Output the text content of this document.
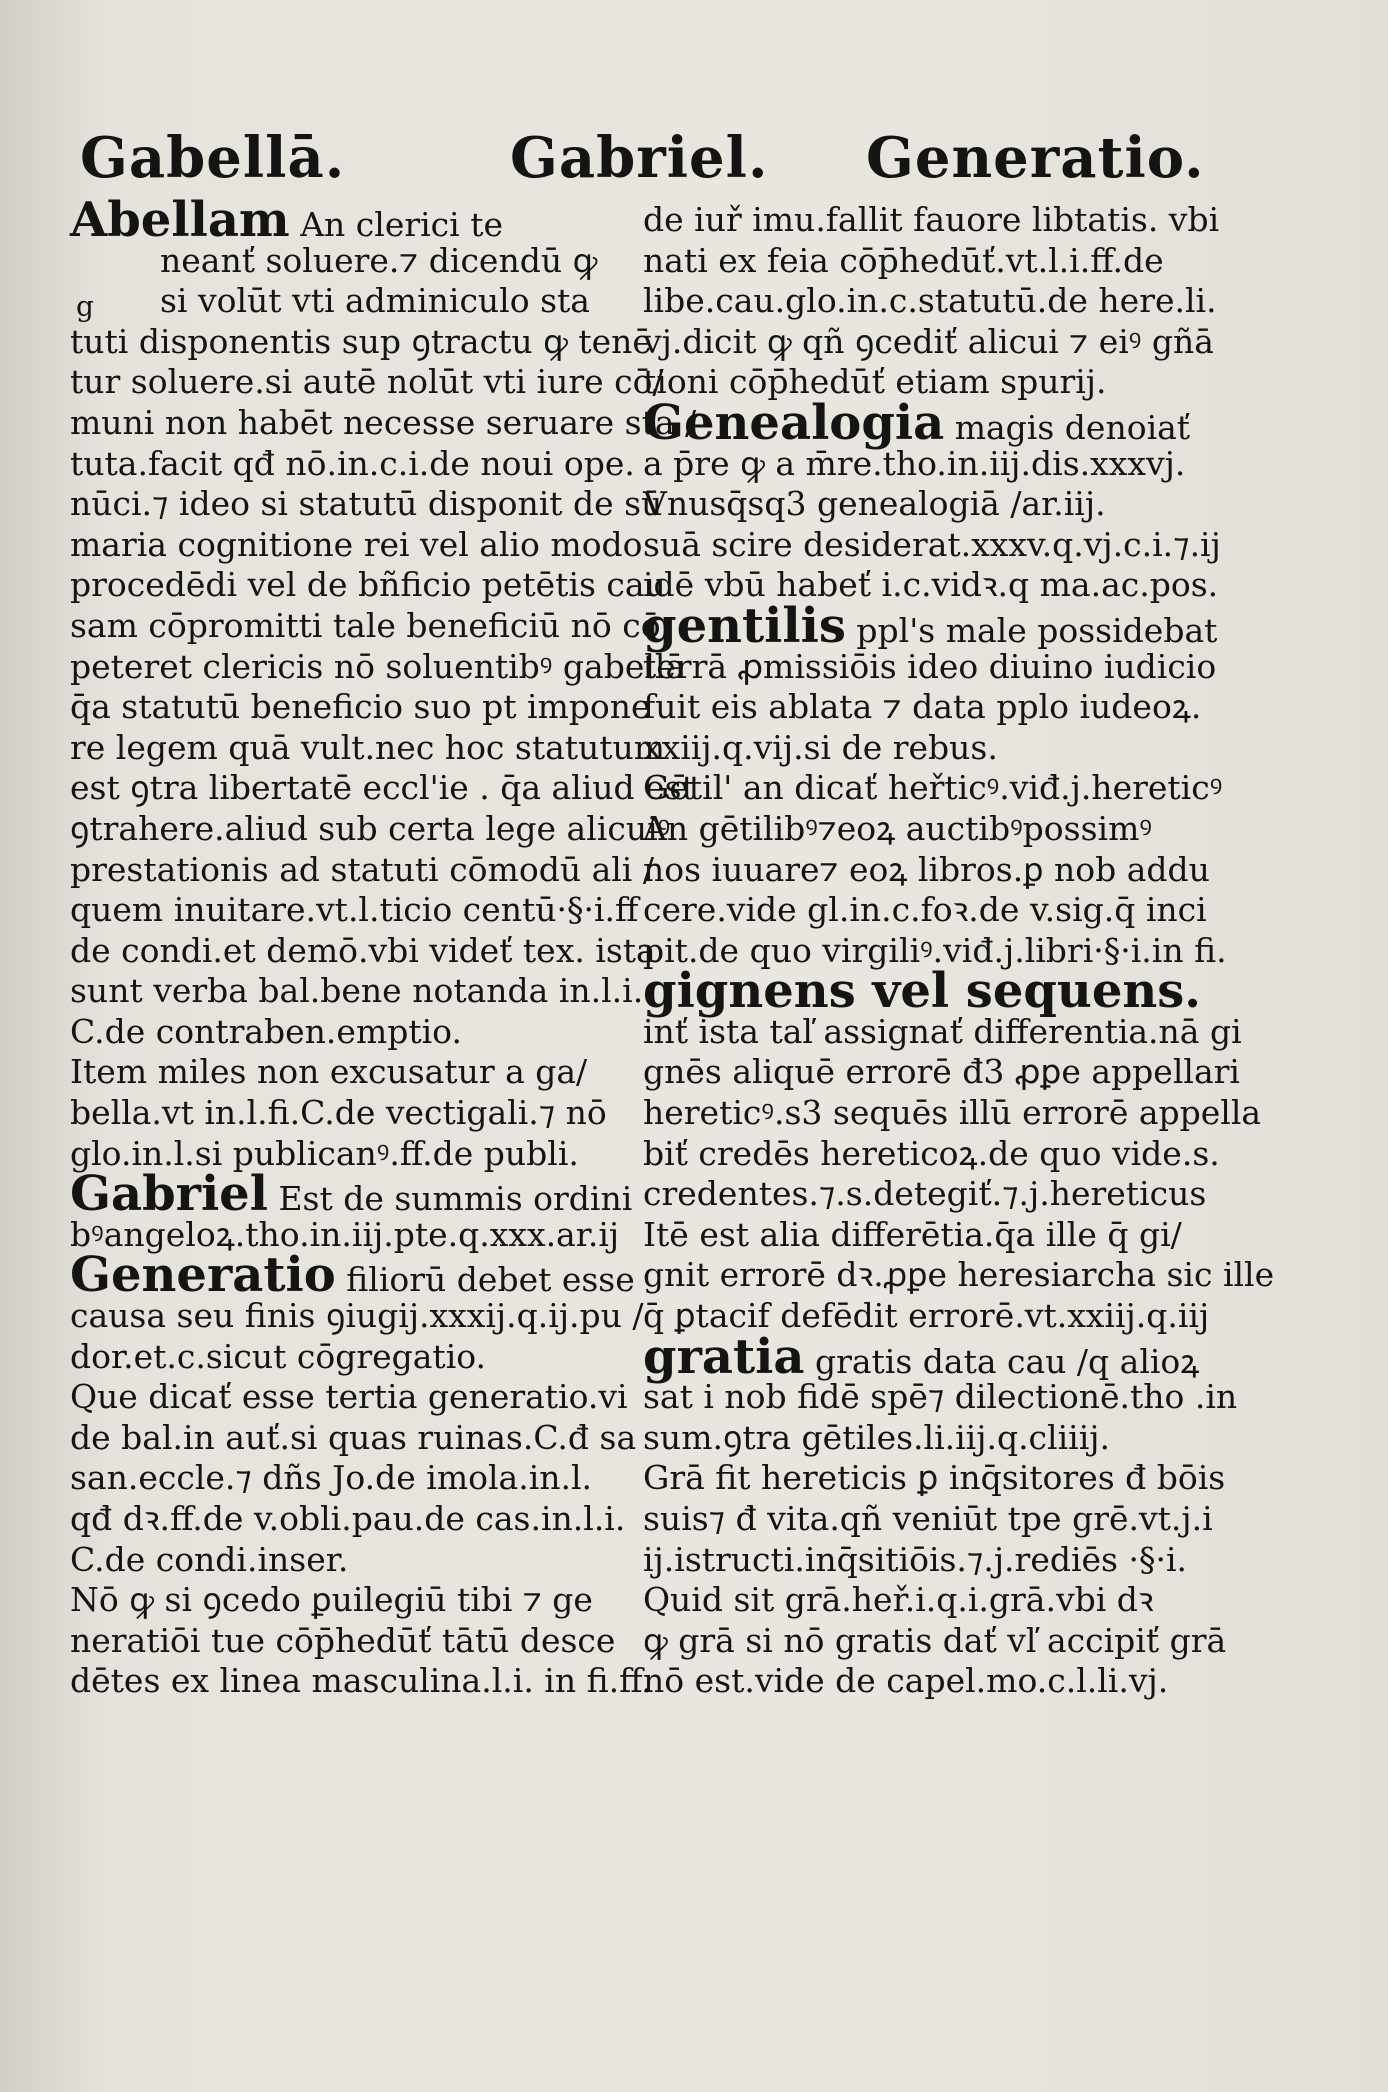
Gabellā.	Gabriel. Generatio.
g
Abellam An clerici te
neanť soluere.⁊ dicendū ꝙ
si volūt vti adminiculo sta
tuti disponentis sup ꝯtractu ꝙ tenē
tur soluere.si autē nolūt vti iure cō/
muni non habēt necesse seruare sta /
tuta.facit qđ nō.in.c.i.de noui ope.
nūci.⁊ ideo si statutū disponit de sū
maria cognitione rei vel alio modo
procedēdi vel de bñficio petētis cau
sam cōpromitti tale beneficiū nō cō
peteret clericis nō soluentibꝰ gabellā
q̄a statutū beneficio suo pt impone
re legem quā vult.nec hoc statutum
est ꝯtra libertatē eccl'ie . q̄a aliud est
ꝯtrahere.aliud sub certa lege alicuiꝰ
prestationis ad statuti cōmodū ali /
quem inuitare.vt.l.ticio centū·§·i.ff
de condi.et demō.vbi videť tex. ista
sunt verba bal.bene notanda in.l.i.
C.de contraben.emptio.
Item miles non excusatur a ga/
bella.vt in.l.fi.C.de vectigali.⁊ nō
glo.in.l.si publicanꝰ.ff.de publi.
Gabriel Est de summis ordini
bꝰangeloꝝ.tho.in.iij.pte.q.xxx.ar.ij
Generatio filiorū debet esse
causa seu finis ꝯiugij.xxxij.q.ij.pu /
dor.et.c.sicut cōgregatio.
Que dicať esse tertia generatio.vi
de bal.in auť.si quas ruinas.C.đ sa
san.eccle.⁊ dñs Jo.de imola.in.l.
qđ dꝛ.ff.de v.obli.pau.de cas.in.l.i.
C.de condi.inser.
Nō ꝙ si ꝯcedo ꝑuilegiū tibi ⁊ ge
neratiōi tue cōp̄hedūť tātū desce
dētes ex linea masculina.l.i. in fi.ff.
de iuř imu.fallit fauore libtatis. vbi
nati ex feia cōp̄hedūť.vt.l.i.ff.de
libe.cau.glo.in.c.statutū.de here.li.
vj.dicit ꝙ qñ ꝯcediť alicui ⁊ eiꝰ gñā
tioni cōp̄hedūť etiam spurij.
Genealogia magis denoiať
a p̄re ꝙ a m̄re.tho.in.iij.dis.xxxvj.
Vnusq̄sq3 genealogiā /ar.iij.
suā scire desiderat.xxxv.q.vj.c.i.⁊.ij
idē vbū habeť i.c.vidꝛ.q ma.ac.pos.
gentilis ppl's male possidebat
terrā ꝓmissiōis ideo diuino iudicio
fuit eis ablata ⁊ data pplo iudeoꝝ.
xxiij.q.vij.si de rebus.
Gētil' an dicať heřticꝰ.viđ.j.hereticꝰ
An gētilibꝰ⁊eoꝝ auctibꝰpossimꝰ
nos iuuare⁊ eoꝝ libros.ꝑ nob addu
cere.vide gl.in.c.foꝛ.de v.sig.q̄ inci
pit.de quo virgiliꝰ.viđ.j.libri·§·i.in fi.
gignens vel sequens.
inť ista taľ assignať differentia.nā gi
gnēs aliquē errorē đ3 ꝓꝑe appellari
hereticꝰ.s3 sequēs illū errorē appella
biť credēs hereticoꝝ.de quo vide.s.
credentes.⁊.s.detegiť.⁊.j.hereticus
Itē est alia differētia.q̄a ille q̄ gi/
gnit errorē dꝛ.ꝓꝑe heresiarcha sic ille
q̄ ꝑtacif defēdit errorē.vt.xxiij.q.iij
gratia gratis data cau /q alioꝝ
sat i nob fidē spē⁊ dilectionē.tho .in
sum.ꝯtra gētiles.li.iij.q.cliiij.
Grā fit hereticis ꝑ inq̄sitores đ bōis
suis⁊ đ vita.qñ veniūt tpe grē.vt.j.i
ij.istructi.inq̄sitiōis.⁊.j.rediēs ·§·i.
Quid sit grā.heř.i.q.i.grā.vbi dꝛ
ꝙ grā si nō gratis dať vľ accipiť grā
nō est.vide de capel.mo.c.l.li.vj.
